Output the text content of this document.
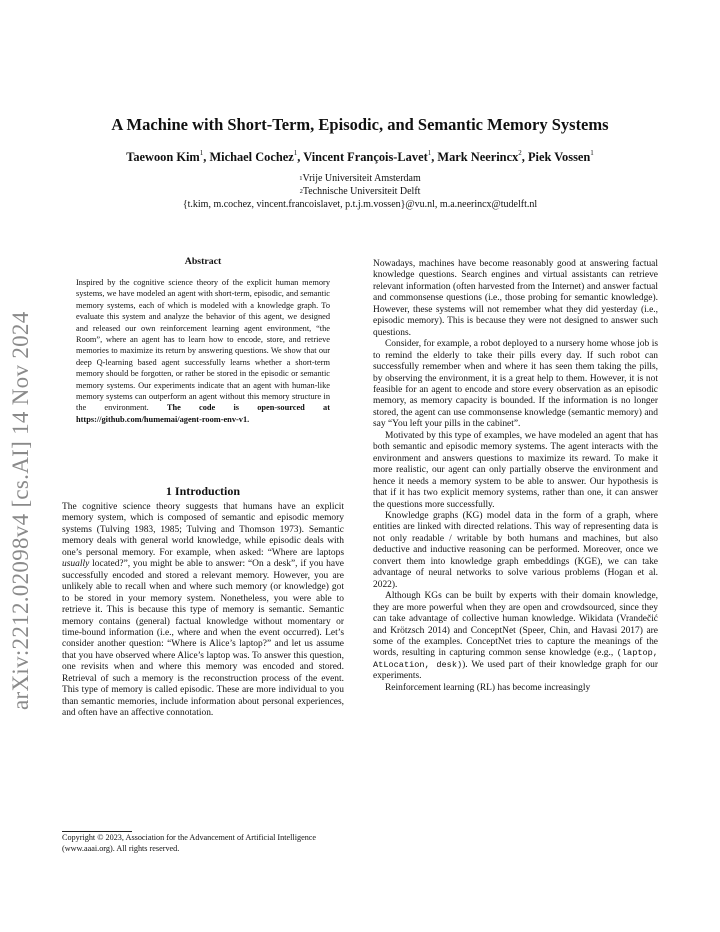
A Machine with Short-Term, Episodic, and Semantic Memory Systems
Taewoon Kim$^1$, Michael Cochez$^1$, Vincent François-Lavet$^1$, Mark Neerincx$^2$, Piek Vossen$^1$
$^1$Vrije Universiteit Amsterdam
$^2$Technische Universiteit Delft
{t.kim, m.cochez, vincent.francoislavet, p.t.j.m.vossen}@vu.nl, m.a.neerincx@tudelft.nl
arXiv:2212.02098v4 [cs.AI] 14 Nov 2024
Abstract
Inspired by the cognitive science theory of the explicit human memory systems, we have modeled an agent with short-term, episodic, and semantic memory systems, each of which is modeled with a knowledge graph. To evaluate this system and analyze the behavior of this agent, we designed and released our own reinforcement learning agent environment, “the Room”, where an agent has to learn how to encode, store, and retrieve memories to maximize its return by answering questions. We show that our deep Q-learning based agent successfully learns whether a short-term memory should be forgotten, or rather be stored in the episodic or semantic memory systems. Our experiments indicate that an agent with human-like memory systems can outperform an agent without this memory structure in the environment. The code is open-sourced at https://github.com/humemai/agent-room-env-v1.
1 Introduction

The cognitive science theory suggests that humans have an explicit memory system, which is composed of semantic and episodic memory systems (Tulving 1983, 1985; Tulving and Thomson 1973). Semantic memory deals with general world knowledge, while episodic deals with one’s personal memory. For example, when asked: “Where are laptops usually located?”, you might be able to answer: “On a desk”, if you have successfully encoded and stored a relevant memory. However, you are unlikely able to recall when and where such memory (or knowledge) got to be stored in your memory system. Nonetheless, you were able to retrieve it. This is because this type of memory is semantic. Semantic memory contains (general) factual knowledge without momentary or time-bound information (i.e., where and when the event occurred). Let’s consider another question: “Where is Alice’s laptop?” and let us assume that you have observed where Alice’s laptop was. To answer this question, one revisits when and where this memory was encoded and stored. Retrieval of such a memory is the reconstruction process of the event. This type of memory is called episodic. These are more individual to you than semantic memories, include information about personal experiences, and often have an affective connotation.

Copyright © 2023, Association for the Advancement of Artificial Intelligence (www.aaai.org). All rights reserved.

Nowadays, machines have become reasonably good at answering factual knowledge questions. Search engines and virtual assistants can retrieve relevant information (often harvested from the Internet) and answer factual and commonsense questions (i.e., those probing for semantic knowledge). However, these systems will not remember what they did yesterday (i.e., episodic memory). This is because they were not designed to answer such questions.

Consider, for example, a robot deployed to a nursery home whose job is to remind the elderly to take their pills every day. If such robot can successfully remember when and where it has seen them taking the pills, by observing the environment, it is a great help to them. However, it is not feasible for an agent to encode and store every observation as an episodic memory, as memory capacity is bounded. If the information is no longer stored, the agent can use commonsense knowledge (semantic memory) and say “You left your pills in the cabinet”.

Motivated by this type of examples, we have modeled an agent that has both semantic and episodic memory systems. The agent interacts with the environment and answers questions to maximize its reward. To make it more realistic, our agent can only partially observe the environment and hence it needs a memory system to be able to answer. Our hypothesis is that if it has two explicit memory systems, rather than one, it can answer the questions more successfully.

Knowledge graphs (KG) model data in the form of a graph, where entities are linked with directed relations. This way of representing data is not only readable / writable by both humans and machines, but also deductive and inductive reasoning can be performed. Moreover, once we convert them into knowledge graph embeddings (KGE), we can take advantage of neural networks to solve various problems (Hogan et al. 2022).

Although KGs can be built by experts with their domain knowledge, they are more powerful when they are open and crowdsourced, since they can take advantage of collective human knowledge. Wikidata (Vrandečić and Krötzsch 2014) and ConceptNet (Speer, Chin, and Havasi 2017) are some of the examples. ConceptNet tries to capture the meanings of the words, resulting in capturing common sense knowledge (e.g., (laptop, AtLocation, desk)). We used part of their knowledge graph for our experiments.

Reinforcement learning (RL) has become increasingly
